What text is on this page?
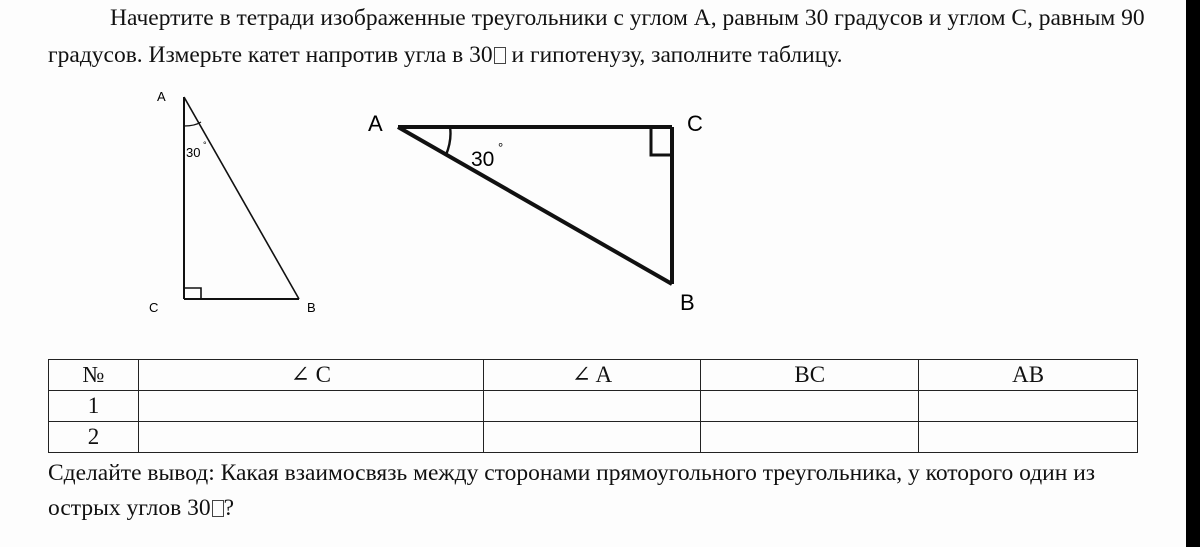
Начертите в тетради изображенные треугольники с углом А, равным 30 градусов и углом С, равным 90 градусов. Измерьте катет напротив угла в 30 и гипотенузу, заполните таблицу.

A
C	B
30 °
A	C
B
30
°
№	∠ C	∠ A	BC	AB
1				
2				

Сделайте вывод: Какая взаимосвязь между сторонами прямоугольного треугольника, у которого один из острых углов 30 ?
